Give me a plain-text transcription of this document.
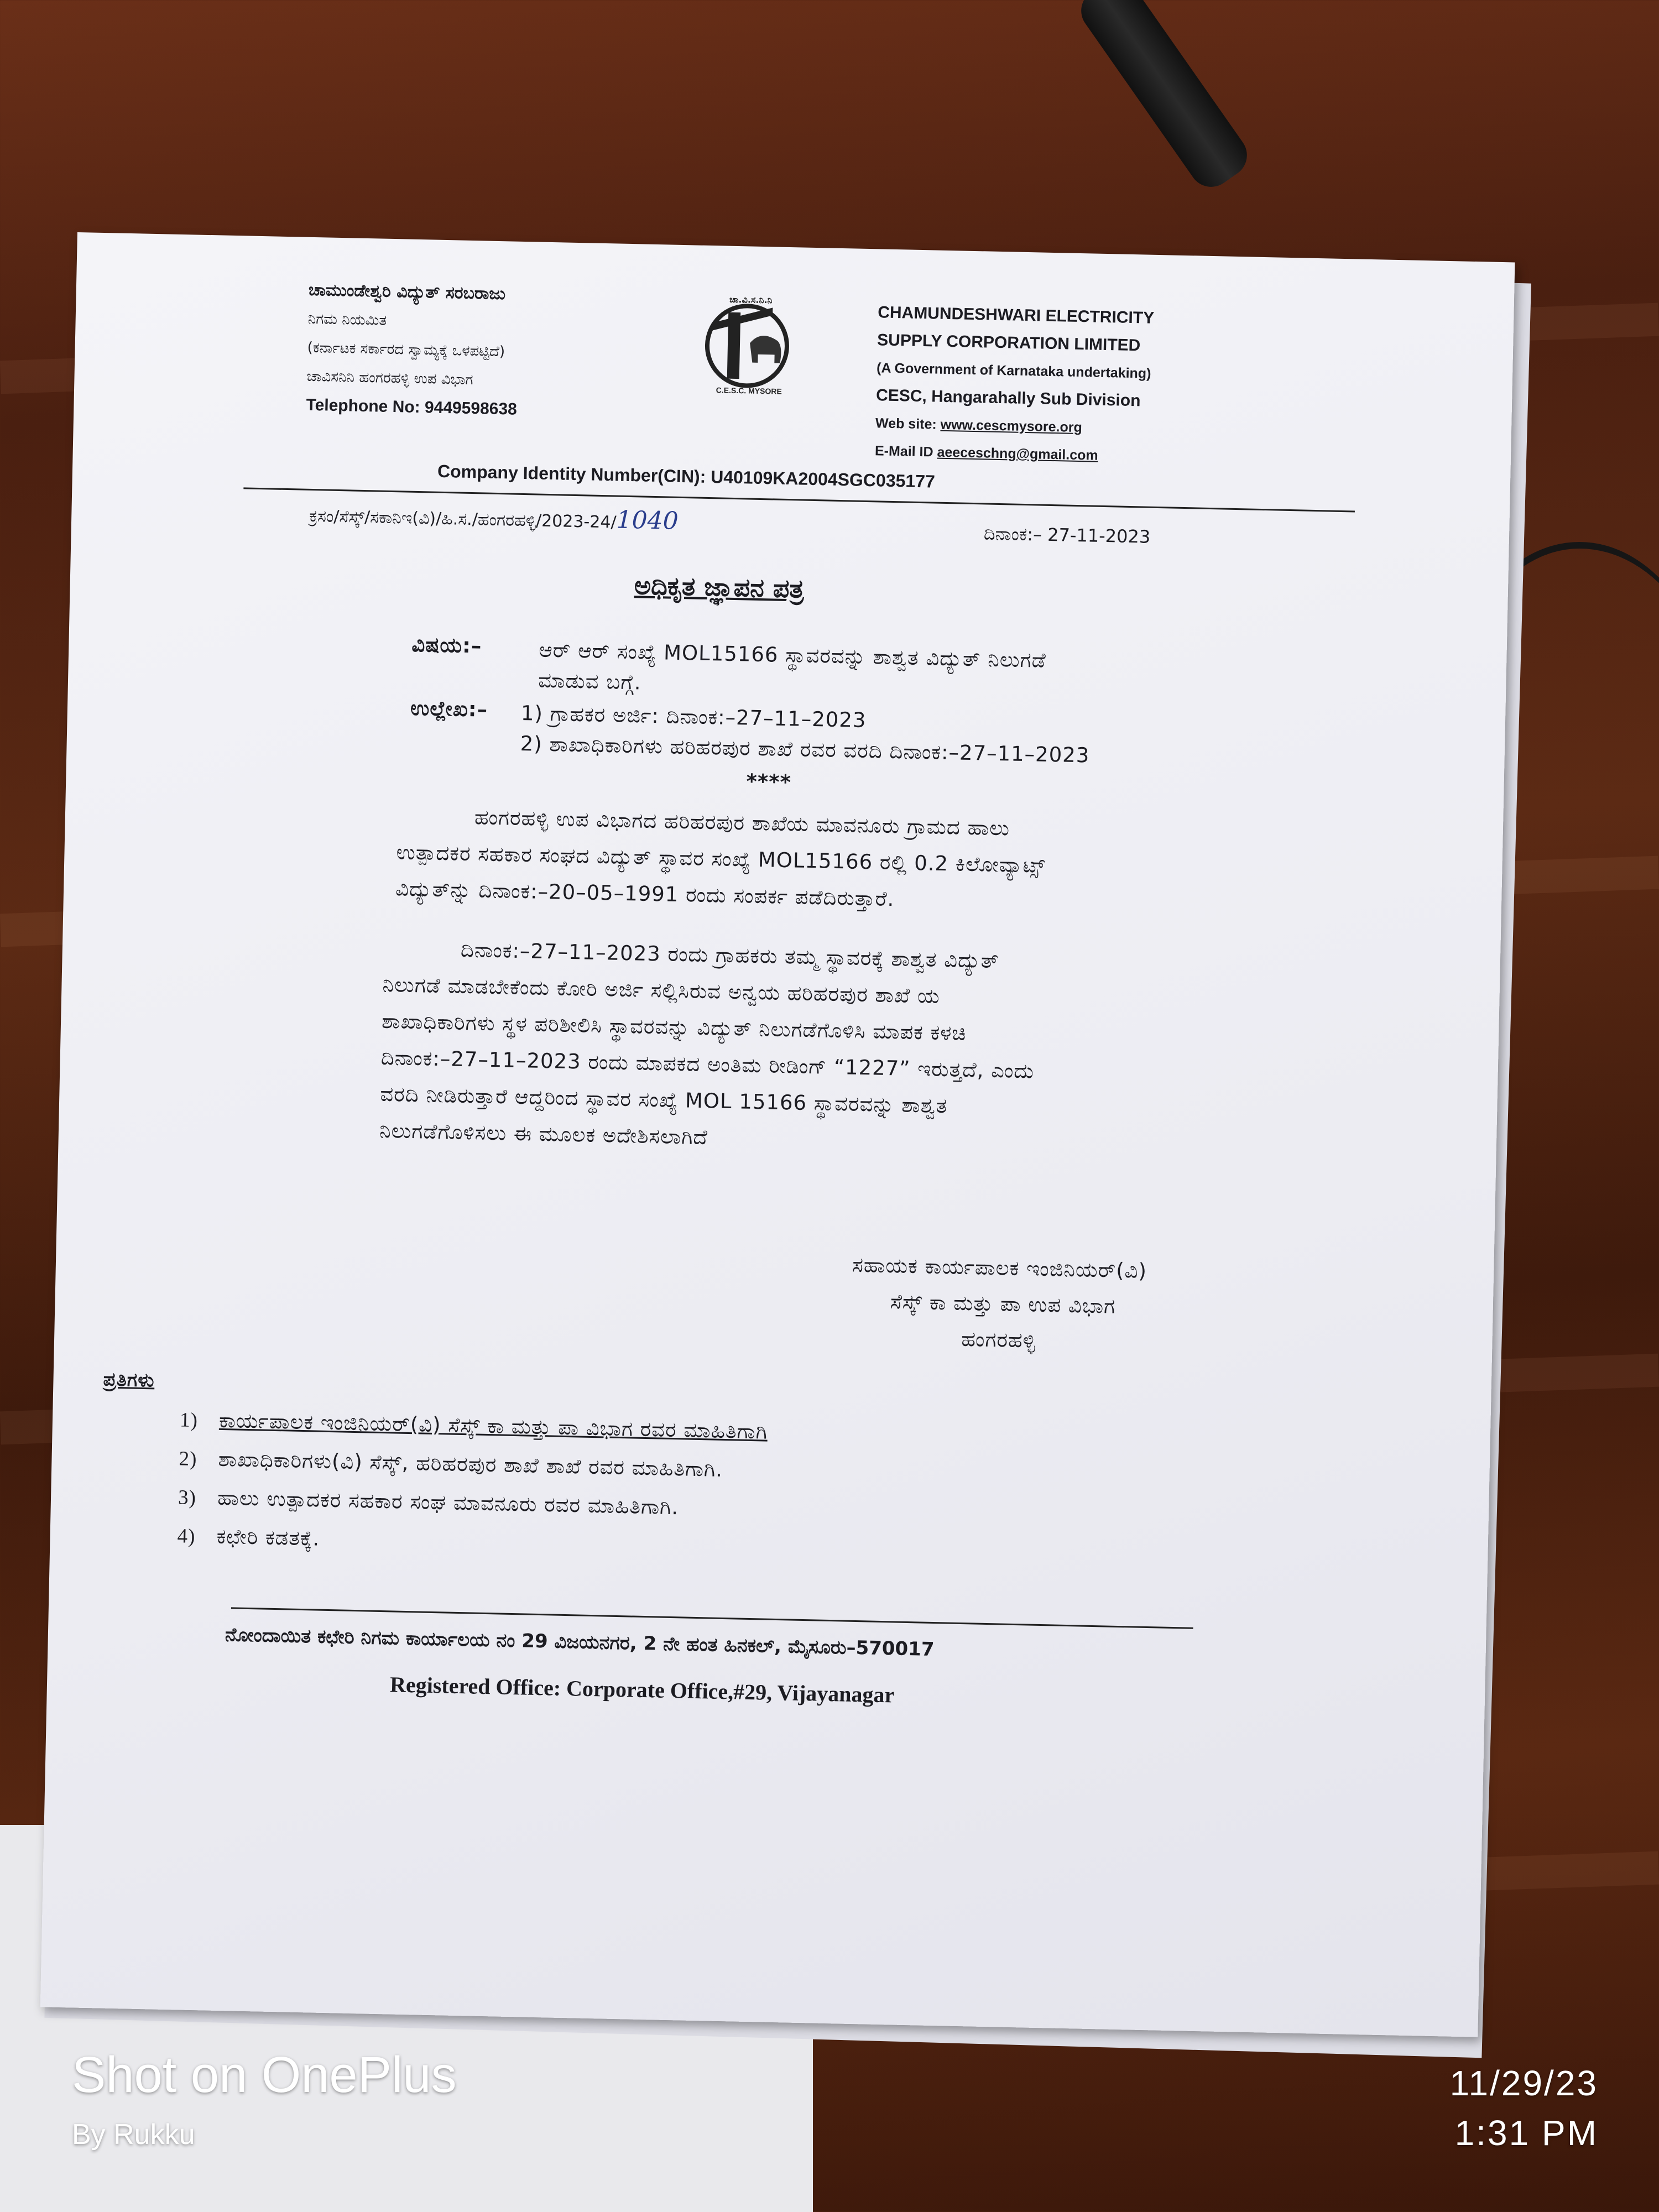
ಚಾಮುಂಡೇಶ್ವರಿ ವಿದ್ಯುತ್ ಸರಬರಾಜು
ನಿಗಮ ನಿಯಮಿತ
(ಕರ್ನಾಟಕ ಸರ್ಕಾರದ ಸ್ವಾಮ್ಯಕ್ಕೆ ಒಳಪಟ್ಟಿದೆ)
ಚಾವಿಸನಿನಿ ಹಂಗರಹಳ್ಳಿ ಉಪ ವಿಭಾಗ
Telephone No: 9449598638
ಚಾ.ವಿ.ಸ.ನಿ.ನಿ
C.E.S.C. MYSORE
CHAMUNDESHWARI ELECTRICITY
SUPPLY CORPORATION LIMITED
(A Government of Karnataka undertaking)
CESC, Hangarahally Sub Division
Web site: www.cescmysore.org
E-Mail ID aeeceschng@gmail.com
Company Identity Number(CIN): U40109KA2004SGC035177
ಕ್ರಸಂ/ಸೆಸ್ಕ್/ಸಕಾನಿಇ(ವಿ)/ಹಿ.ಸ./ಹಂಗರಹಳ್ಳಿ/2023-24/1040	ದಿನಾಂಕ:– 27-11-2023
ಅಧಿಕೃತ ಜ್ಞಾಪನ ಪತ್ರ
ವಿಷಯ:–	ಆರ್ ಆರ್ ಸಂಖ್ಯೆ MOL15166 ಸ್ಥಾವರವನ್ನು ಶಾಶ್ವತ ವಿದ್ಯುತ್ ನಿಲುಗಡೆ
ಮಾಡುವ ಬಗ್ಗೆ.
ಉಲ್ಲೇಖ:– 1) ಗ್ರಾಹಕರ ಅರ್ಜಿ: ದಿನಾಂಕ:–27–11–2023
2) ಶಾಖಾಧಿಕಾರಿಗಳು ಹರಿಹರಪುರ ಶಾಖೆ ರವರ ವರದಿ ದಿನಾಂಕ:–27–11–2023
****
ಹಂಗರಹಳ್ಳಿ ಉಪ ವಿಭಾಗದ ಹರಿಹರಪುರ ಶಾಖೆಯ ಮಾವನೂರು ಗ್ರಾಮದ ಹಾಲು
ಉತ್ಪಾದಕರ ಸಹಕಾರ ಸಂಘದ ವಿದ್ಯುತ್ ಸ್ಥಾವರ ಸಂಖ್ಯೆ MOL15166 ರಲ್ಲಿ 0.2 ಕಿಲೋವ್ಯಾಟ್ಸ್
ವಿದ್ಯುತ್‌ನ್ನು ದಿನಾಂಕ:–20–05–1991 ರಂದು ಸಂಪರ್ಕ ಪಡೆದಿರುತ್ತಾರೆ.
ದಿನಾಂಕ:–27–11–2023 ರಂದು ಗ್ರಾಹಕರು ತಮ್ಮ ಸ್ಥಾವರಕ್ಕೆ ಶಾಶ್ವತ ವಿದ್ಯುತ್
ನಿಲುಗಡೆ ಮಾಡಬೇಕೆಂದು ಕೋರಿ ಅರ್ಜಿ ಸಲ್ಲಿಸಿರುವ ಅನ್ವಯ ಹರಿಹರಪುರ ಶಾಖೆ ಯ
ಶಾಖಾಧಿಕಾರಿಗಳು ಸ್ಥಳ ಪರಿಶೀಲಿಸಿ ಸ್ಥಾವರವನ್ನು ವಿದ್ಯುತ್ ನಿಲುಗಡೆಗೊಳಿಸಿ ಮಾಪಕ ಕಳಚಿ
ದಿನಾಂಕ:–27–11–2023 ರಂದು ಮಾಪಕದ ಅಂತಿಮ ರೀಡಿಂಗ್ “1227” ಇರುತ್ತದೆ, ಎಂದು
ವರದಿ ನೀಡಿರುತ್ತಾರೆ ಆದ್ದರಿಂದ ಸ್ಥಾವರ ಸಂಖ್ಯೆ MOL 15166 ಸ್ಥಾವರವನ್ನು ಶಾಶ್ವತ
ನಿಲುಗಡೆಗೊಳಿಸಲು ಈ ಮೂಲಕ ಅದೇಶಿಸಲಾಗಿದೆ
ಸಹಾಯಕ ಕಾರ್ಯಪಾಲಕ ಇಂಜಿನಿಯರ್(ವಿ)
ಸೆಸ್ಕ್ ಕಾ ಮತ್ತು ಪಾ ಉಪ ವಿಭಾಗ
ಹಂಗರಹಳ್ಳಿ
ಪ್ರತಿಗಳು
1) ಕಾರ್ಯಪಾಲಕ ಇಂಜಿನಿಯರ್(ವಿ) ಸೆಸ್ಕ್ ಕಾ ಮತ್ತು ಪಾ ವಿಭಾಗ ರವರ ಮಾಹಿತಿಗಾಗಿ
2) ಶಾಖಾಧಿಕಾರಿಗಳು(ವಿ) ಸೆಸ್ಕ್, ಹರಿಹರಪುರ ಶಾಖೆ ಶಾಖೆ ರವರ ಮಾಹಿತಿಗಾಗಿ.
3) ಹಾಲು ಉತ್ಪಾದಕರ ಸಹಕಾರ ಸಂಘ ಮಾವನೂರು ರವರ ಮಾಹಿತಿಗಾಗಿ.
4) ಕಛೇರಿ ಕಡತಕ್ಕೆ.
ನೋಂದಾಯಿತ ಕಛೇರಿ ನಿಗಮ ಕಾರ್ಯಾಲಯ ನಂ 29 ವಿಜಯನಗರ, 2 ನೇ ಹಂತ ಹಿನಕಲ್, ಮೈಸೂರು–570017
Registered Office: Corporate Office,#29, Vijayanagar
Shot on OnePlus
By Rukku
11/29/23
1:31 PM
